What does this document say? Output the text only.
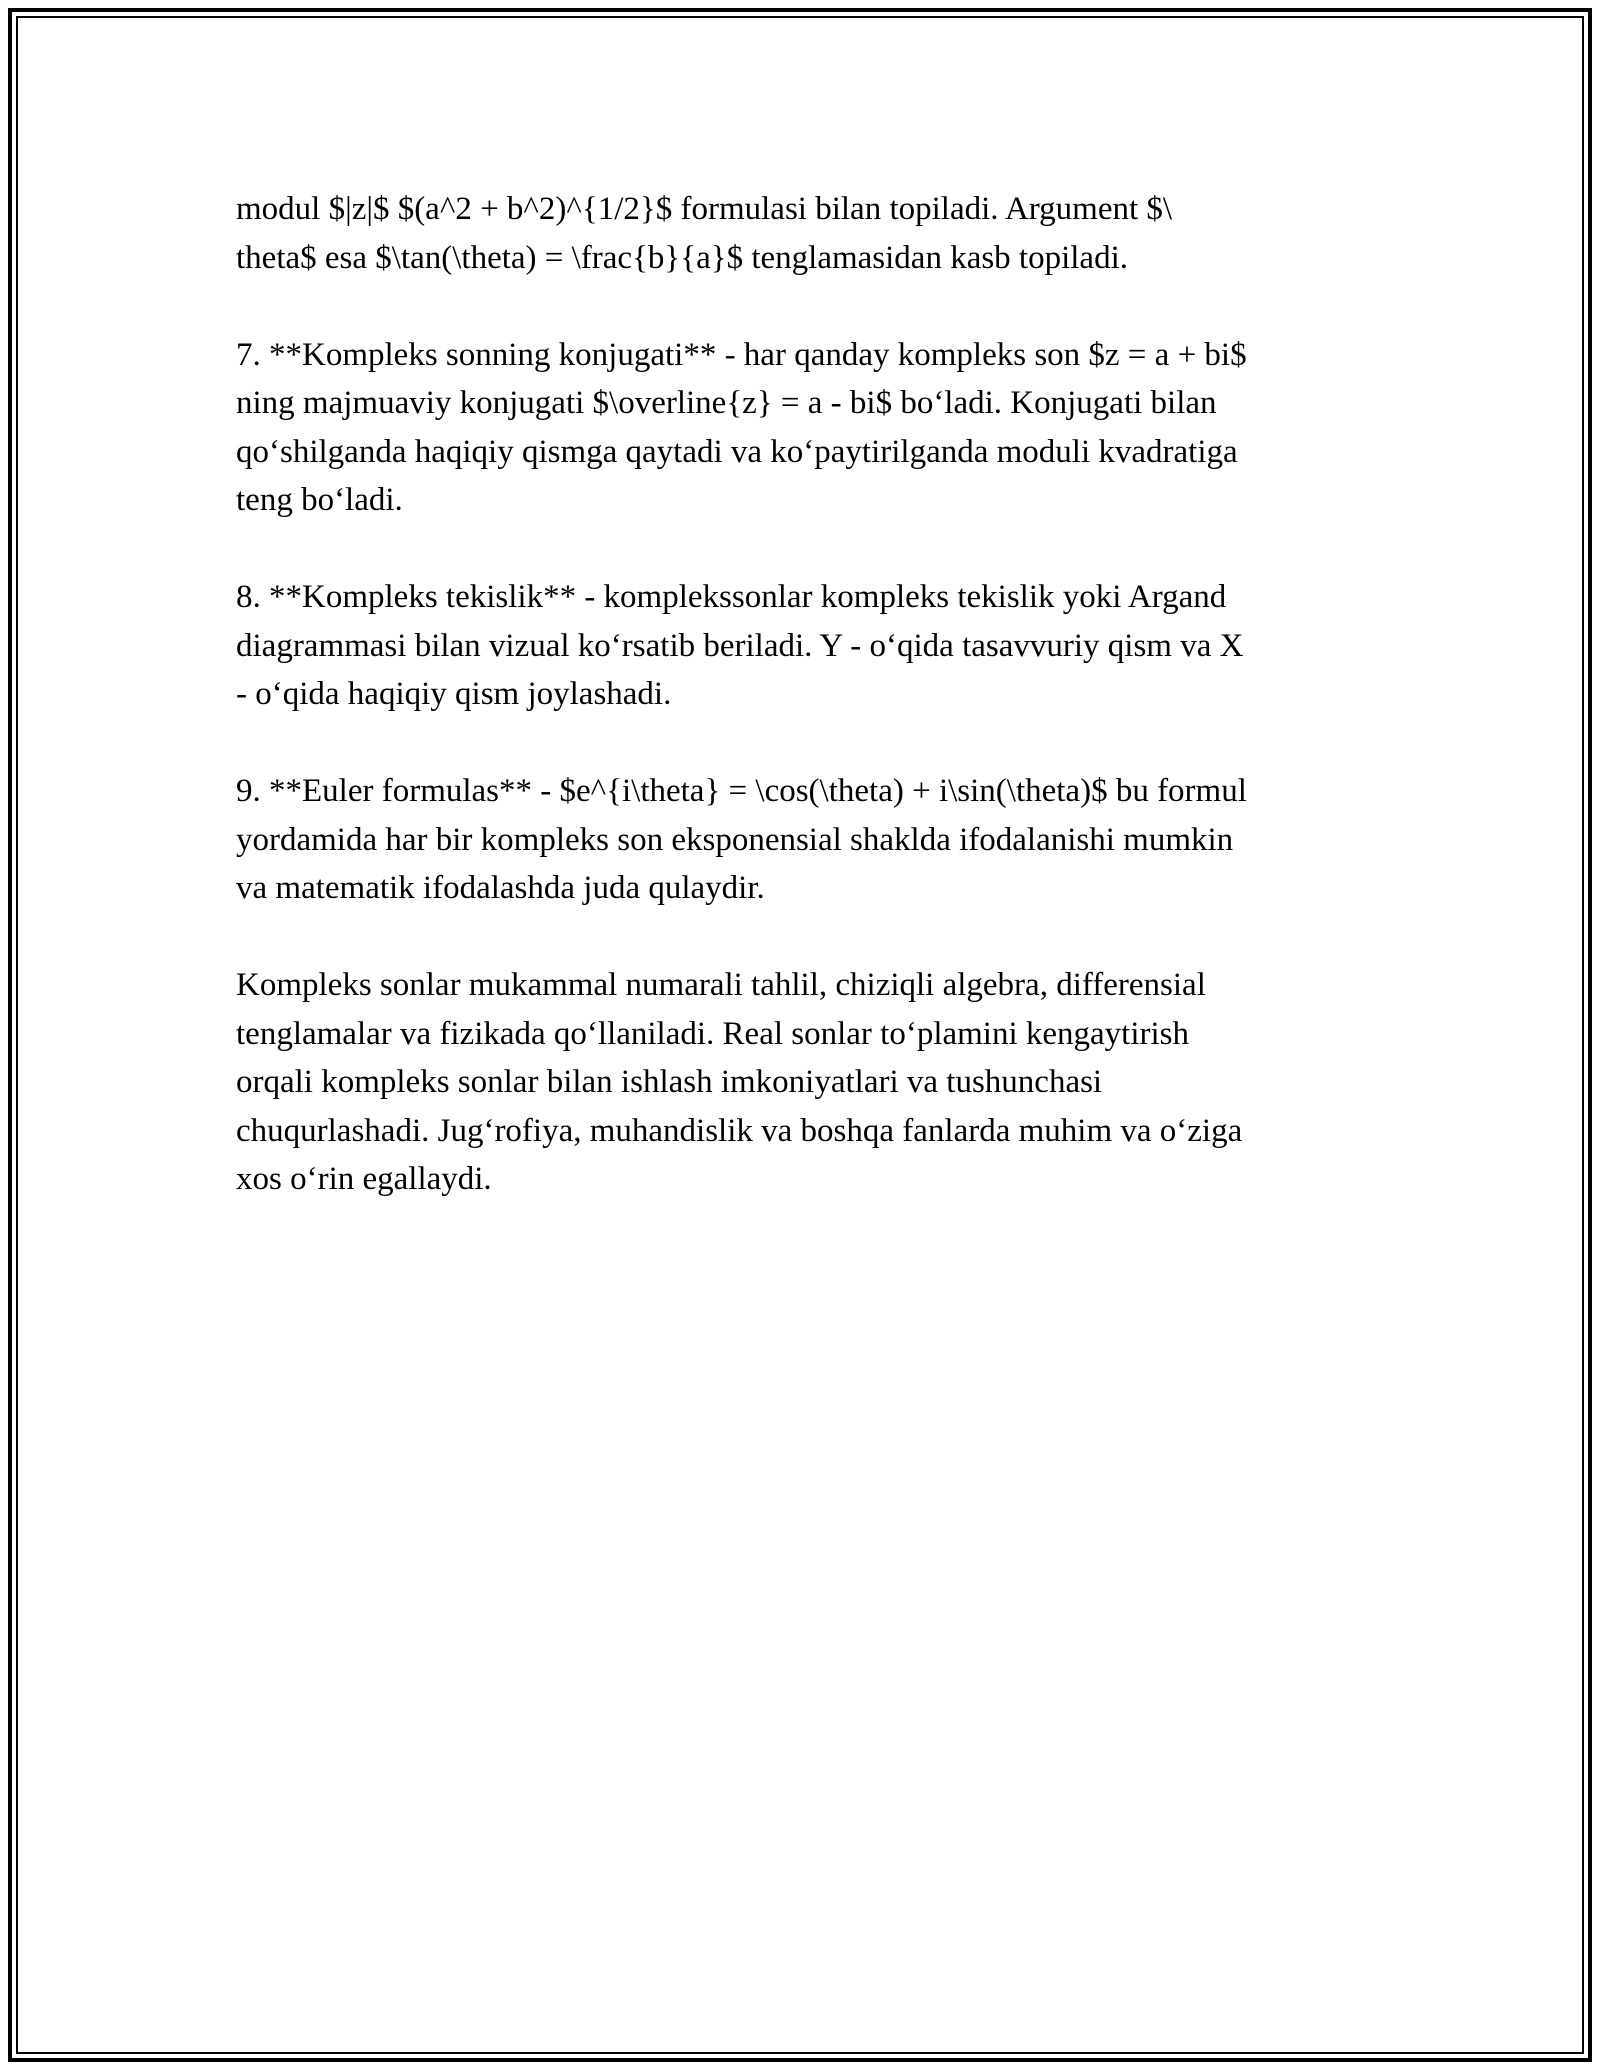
modul $|z|$ $(a^2 + b^2)^{1/2}$ formulasi bilan topiladi. Argument $\
theta$ esa $\tan(\theta) = \frac{b}{a}$ tenglamasidan kasb topiladi.

7. **Kompleks sonning konjugati** - har qanday kompleks son $z = a + bi$
ning majmuaviy konjugati $\overline{z} = a - bi$ bo‘ladi. Konjugati bilan
qo‘shilganda haqiqiy qismga qaytadi va ko‘paytirilganda moduli kvadratiga
teng bo‘ladi.

8. **Kompleks tekislik** - komplekssonlar kompleks tekislik yoki Argand
diagrammasi bilan vizual ko‘rsatib beriladi. Y - o‘qida tasavvuriy qism va X
- o‘qida haqiqiy qism joylashadi.

9. **Euler formulas** - $e^{i\theta} = \cos(\theta) + i\sin(\theta)$ bu formul
yordamida har bir kompleks son eksponensial shaklda ifodalanishi mumkin
va matematik ifodalashda juda qulaydir.

Kompleks sonlar mukammal numarali tahlil, chiziqli algebra, differensial
tenglamalar va fizikada qo‘llaniladi. Real sonlar to‘plamini kengaytirish
orqali kompleks sonlar bilan ishlash imkoniyatlari va tushunchasi
chuqurlashadi. Jug‘rofiya, muhandislik va boshqa fanlarda muhim va o‘ziga
xos o‘rin egallaydi.
